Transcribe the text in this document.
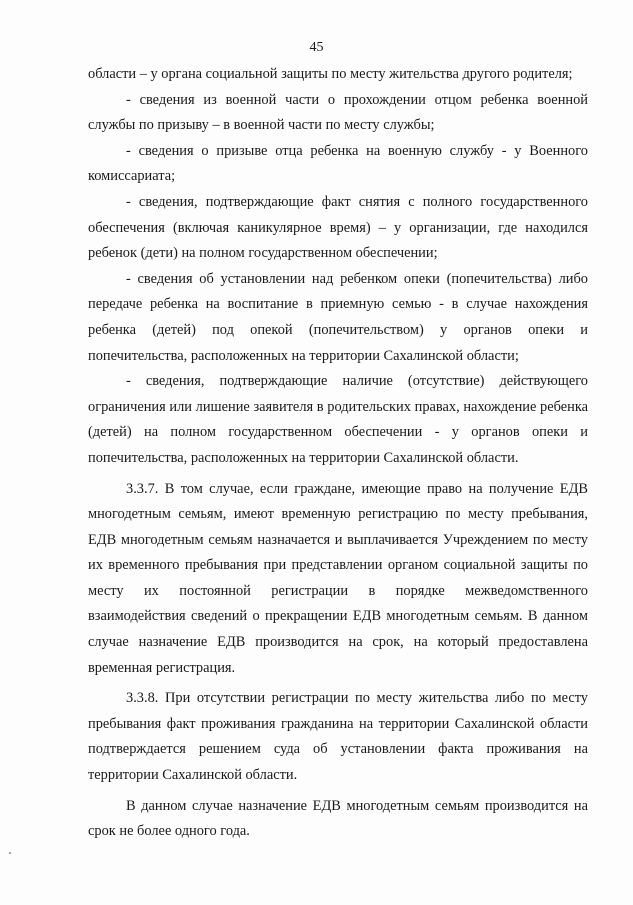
45

области – у органа социальной защиты по месту жительства другого родителя;

- сведения из военной части о прохождении отцом ребенка военной службы по призыву – в военной части по месту службы;

- сведения о призыве отца ребенка на военную службу - у Военного комиссариата;

- сведения, подтверждающие факт снятия с полного государственного обеспечения (включая каникулярное время) – у организации, где находился ребенок (дети) на полном государственном обеспечении;

- сведения об установлении над ребенком опеки (попечительства) либо передаче ребенка на воспитание в приемную семью - в случае нахождения ребенка (детей) под опекой (попечительством) у органов опеки и попечительства, расположенных на территории Сахалинской области;

- сведения, подтверждающие наличие (отсутствие) действующего ограничения или лишение заявителя в родительских правах, нахождение ребенка (детей) на полном государственном обеспечении - у органов опеки и попечительства, расположенных на территории Сахалинской области.

3.3.7. В том случае, если граждане, имеющие право на получение ЕДВ многодетным семьям, имеют временную регистрацию по месту пребывания, ЕДВ многодетным семьям назначается и выплачивается Учреждением по месту их временного пребывания при представлении органом социальной защиты по месту их постоянной регистрации в порядке межведомственного взаимодействия сведений о прекращении ЕДВ многодетным семьям. В данном случае назначение ЕДВ производится на срок, на который предоставлена временная регистрация.

3.3.8. При отсутствии регистрации по месту жительства либо по месту пребывания факт проживания гражданина на территории Сахалинской области подтверждается решением суда об установлении факта проживания на территории Сахалинской области.

В данном случае назначение ЕДВ многодетным семьям производится на срок не более одного года.
